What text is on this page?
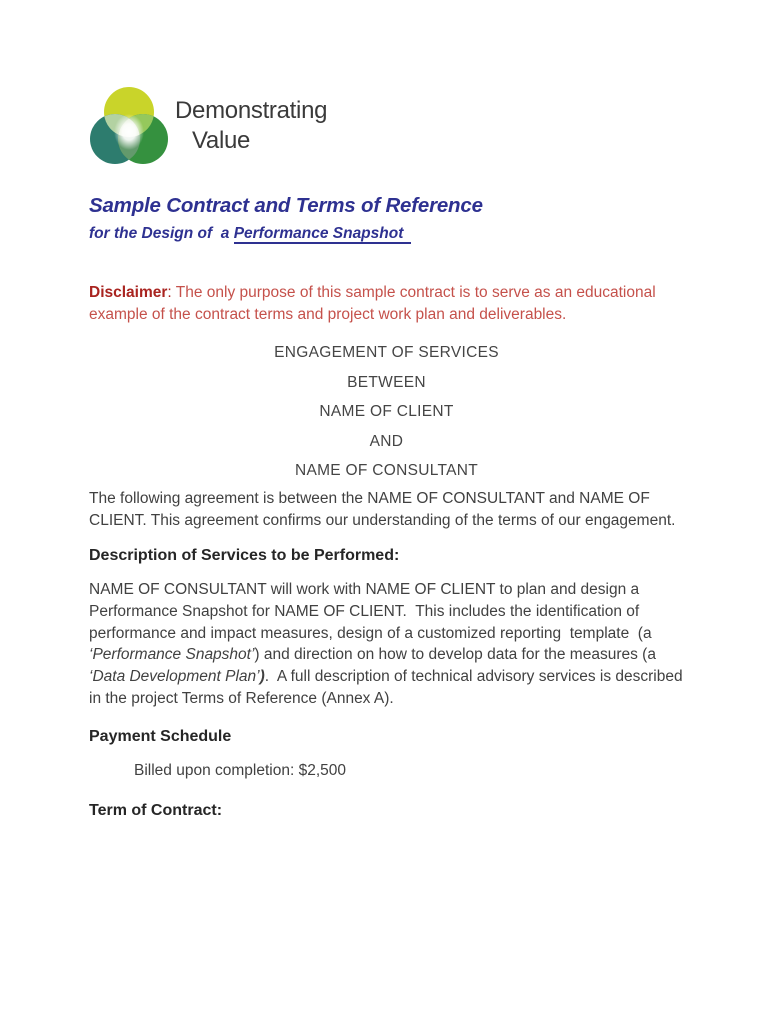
Demonstrating
Value
Sample Contract and Terms of Reference
for the Design of  a Performance Snapshot

Disclaimer: The only purpose of this sample contract is to serve as an educational example of the contract terms and project work plan and deliverables.

ENGAGEMENT OF SERVICES
BETWEEN
NAME OF CLIENT
AND
NAME OF CONSULTANT

The following agreement is between the NAME OF CONSULTANT and NAME OF CLIENT. This agreement confirms our understanding of the terms of our engagement.

Description of Services to be Performed:

NAME OF CONSULTANT will work with NAME OF CLIENT to plan and design a  Performance Snapshot for NAME OF CLIENT.  This includes the identification of performance and impact measures, design of a customized reporting  template  (a ‘Performance Snapshot’) and direction on how to develop data for the measures (a ‘Data Development Plan’).  A full description of technical advisory services is described in the project Terms of Reference (Annex A).

Payment Schedule

Billed upon completion: $2,500

Term of Contract:
